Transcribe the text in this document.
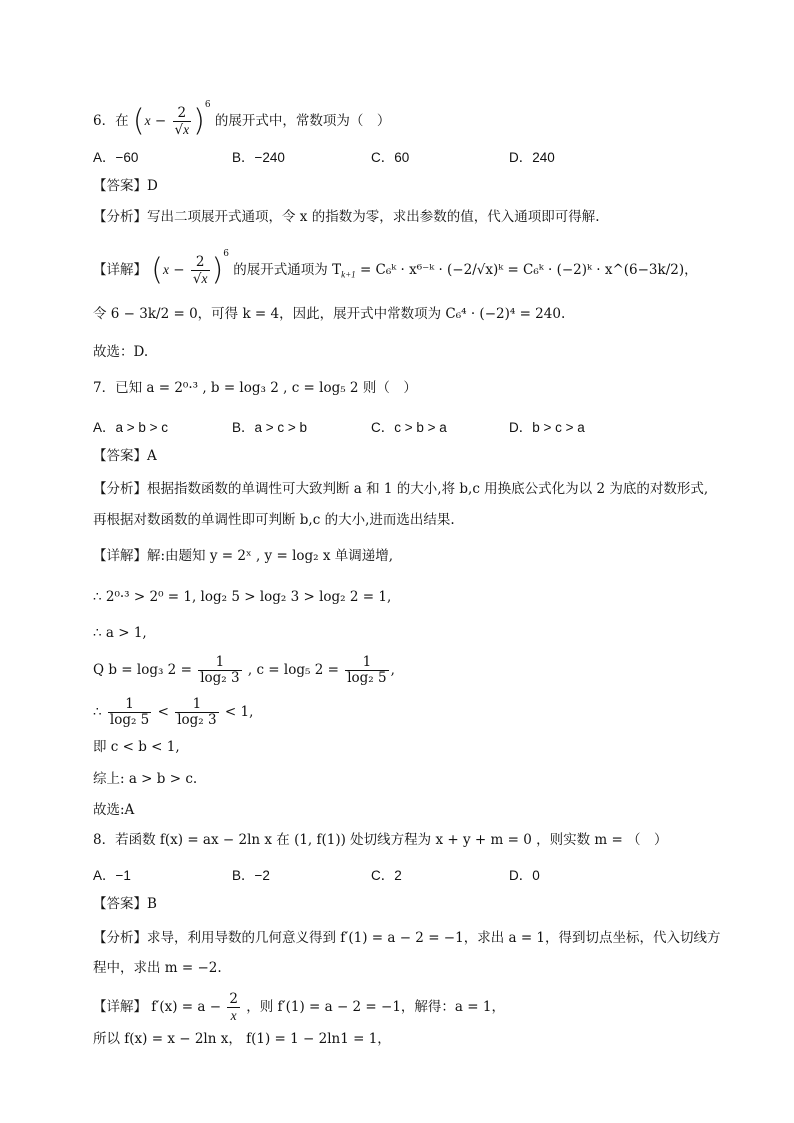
6．在 $(x - \frac{2}{√x} )^6$ 的展开式中，常数项为（　）
A．−60	B．−240	C．60	D．240
【答案】D
【分析】写出二项展开式通项，令 x 的指数为零，求出参数的值，代入通项即可得解.
【详解】 $(x - \frac{2}{√x} )^6$ 的展开式通项为 $T_{k+1}$ = C₆ᵏ · x⁶⁻ᵏ · (−2/√x)ᵏ = C₆ᵏ · (−2)ᵏ · x^(6−3k/2)，
令 6 − 3k/2 = 0，可得 k = 4，因此，展开式中常数项为 C₆⁴ · (−2)⁴ = 240.
故选：D.
7．已知 a = 2⁰·³ , b = log₃ 2 , c = log₅ 2 则（　）
A．a > b > c	B．a > c > b	C．c > b > a	D．b > c > a
【答案】A
【分析】根据指数函数的单调性可大致判断 a 和 1 的大小,将 b,c 用换底公式化为以 2 为底的对数形式,
再根据对数函数的单调性即可判断 b,c 的大小,进而选出结果.
【详解】解:由题知 y = 2ˣ , y = log₂ x 单调递增,
∴ 2⁰·³ > 2⁰ = 1, log₂ 5 > log₂ 3 > log₂ 2 = 1,
∴ a > 1,
Q b = log₃ $2 = \frac{1}{\text{log₂ 3}}$ , c = log₅ $2 = \frac{1}{\text{log₂ 5}}$ ,
∴ $\frac{1}{\text{log₂ 5}} < \frac{1}{\text{log₂ 3}} < 1$,
即 c < b < 1,
综上: a > b > c.
故选:A
8．若函数 f(x) = ax − 2ln x 在 (1, f(1)) 处切线方程为 x + y + m = 0 ，则实数 m = （　）
A．−1	B．−2	C．2	D．0
【答案】B
【分析】求导，利用导数的几何意义得到 f′(1) = a − 2 = −1，求出 a = 1，得到切点坐标，代入切线方
程中，求出 m = −2.
【详解】 $f'(x) = a - \frac{2}{x}$ ，则 f′(1) = a − 2 = −1，解得：a = 1，
所以 f(x) = x − 2ln x， f(1) = 1 − 2ln1 = 1，
